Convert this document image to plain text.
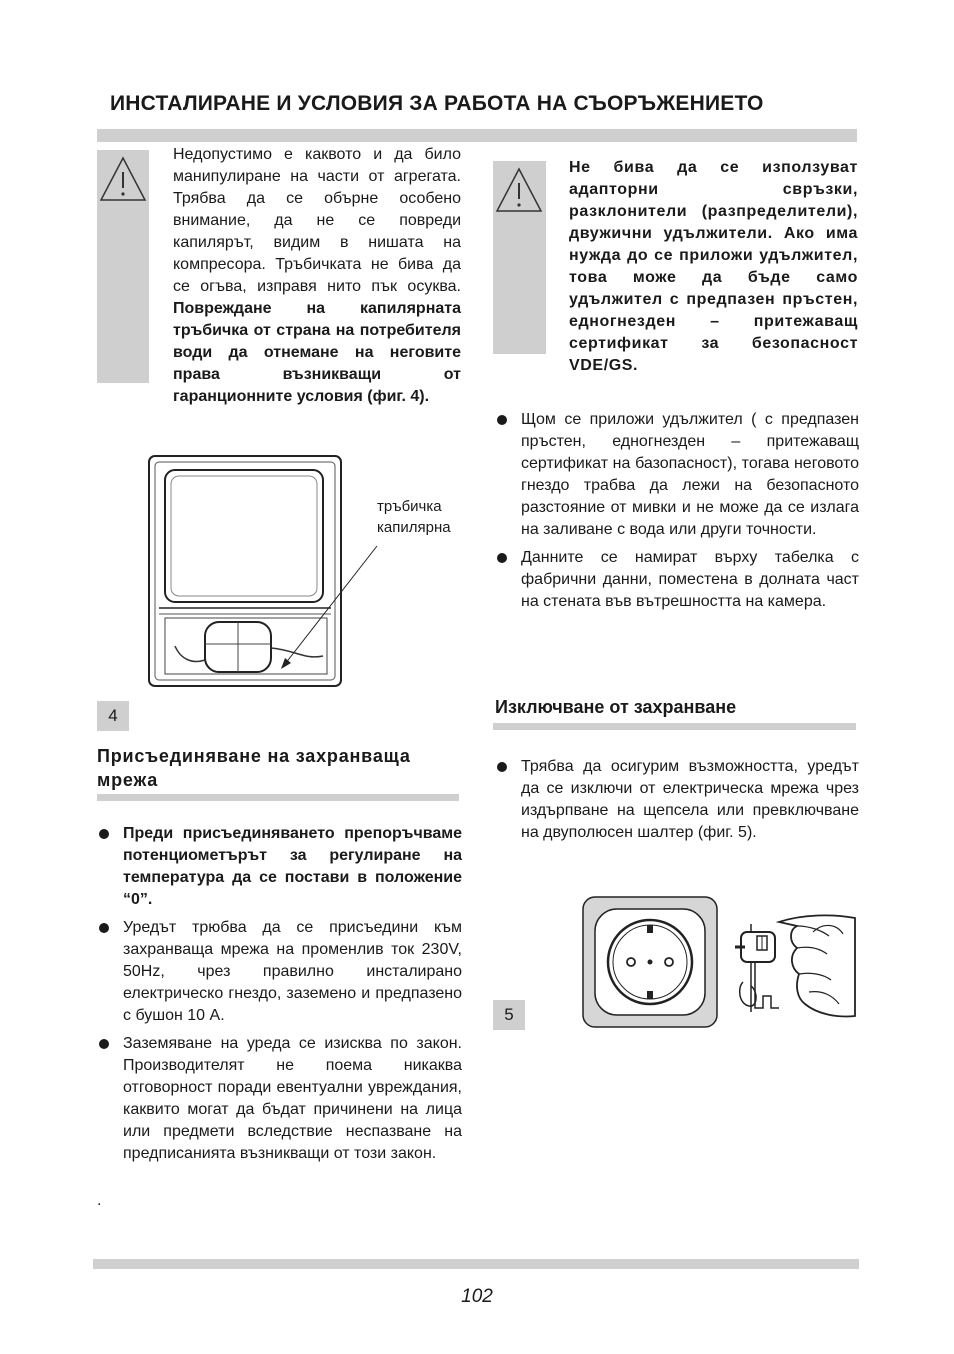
ИНСТАЛИРАНЕ И УСЛОВИЯ ЗА РАБОТА НА СЪОРЪЖЕНИЕТО
Недопустимо е каквото и да било манипулиране на части от агрегата. Трябва да се обърне особено внимание, да не се повреди капилярът, видим в нишата на компресора. Тръбичката не бива да се огъва, изправя нито пък осуква. Повреждане на капилярната тръбичка от страна на потребителя води да отнемане на неговите права възникващи от гаранционните условия (фиг. 4).
тръбичка
капилярна
4
Присъединяване на захранваща мрежа
Преди присъединяването препоръчваме потенциометърът за регулиране на температура да се постави в положение “0”.
Уредът трюбва да се присъедини към захранваща мрежа на променлив ток 230V, 50Hz, чрез правилно инсталирано електрическо гнездо, заземено и предпазено с бушон 10 A.
Заземяване на уреда се изисква по закон. Производителят не поема никаква отговорност поради евентуални увреждания, каквито могат да бъдат причинени на лица или предмети вследствие неспазване на предписанията възникващи от този закон.
.
Не бива да се използуват адапторни свръзки, разклонители (разпределители), двужични удължители. Ако има нужда до се приложи удължител, това може да бъде само удължител с предпазен пръстен, едногнезден – притежаващ сертификат за безопасност VDE/GS.
Щом се приложи удължител ( с предпазен пръстен, едногнезден – притежаващ сертификат на базопасност), тогава неговото гнездо трабва да лежи на безопасното разстояние от мивки и не може да се излага на заливане с вода или други точности.
Данните се намират върху табелка с фабрични данни, поместена в долната част на стената във вътрешността на камера.
Изключване от захранване
Трябва да осигурим възможността, уредът да се изключи от електрическа мрежа чрез издърпване на щепсела или превключване на двуполюсен шалтер (фиг. 5).
5
102
